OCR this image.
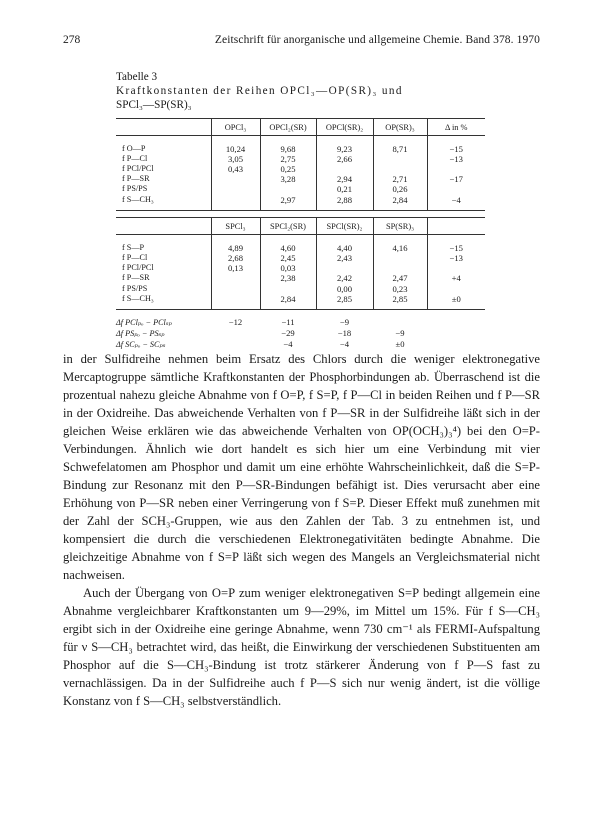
278	Zeitschrift für anorganische und allgemeine Chemie. Band 378. 1970
Tabelle 3
Kraftkonstanten der Reihen OPCl₃—OP(SR)₃ und
SPCl₃—SP(SR)₃
	OPCl₃	OPCl₂(SR)	OPCl(SR)₂	OP(SR)₃	Δ in %

f O—P	10,24	9,68	9,23	8,71	−15
f P—Cl	3,05	2,75	2,66		−13
f PCl/PCl	0,43	0,25			
f P—SR		3,28	2,94	2,71	−17
f PS/PS			0,21	0,26	
f S—CH₃		2,97	2,88	2,84	−4

	SPCl₃	SPCl₂(SR)	SPCl(SR)₂	SP(SR)₃	

f S—P	4,89	4,60	4,40	4,16	−15
f P—Cl	2,68	2,45	2,43		−13
f PCl/PCl	0,13	0,03			
f P—SR		2,38	2,42	2,47	+4
f PS/PS			0,00	0,23	
f S—CH₃		2,84	2,85	2,85	±0

Δf PClₚₒ − PClₛₚ	−12	−11	−9		
Δf PSₚₒ − PSₛₚ		−29	−18	−9	
Δf SCₚₒ − SCₚₛ		−4	−4	±0	

in der Sulfidreihe nehmen beim Ersatz des Chlors durch die weniger elektronegative Mercaptogruppe sämtliche Kraftkonstanten der Phosphorbindungen ab. Überraschend ist die prozentual nahezu gleiche Abnahme von f O=P, f S=P, f P—Cl in beiden Reihen und f P—SR in der Oxidreihe. Das abweichende Verhalten von f P—SR in der Sulfidreihe läßt sich in der gleichen Weise erklären wie das abweichende Verhalten von OP(OCH₃)₃⁴) bei den O=P-Verbindungen. Ähnlich wie dort handelt es sich hier um eine Verbindung mit vier Schwefelatomen am Phosphor und damit um eine erhöhte Wahrscheinlichkeit, daß die S=P-Bindung zur Resonanz mit den P—SR-Bindungen befähigt ist. Dies verursacht aber eine Erhöhung von P—SR neben einer Verringerung von f S=P. Dieser Effekt muß zunehmen mit der Zahl der SCH₃-Gruppen, wie aus den Zahlen der Tab. 3 zu entnehmen ist, und kompensiert die durch die verschiedenen Elektronegativitäten bedingte Abnahme. Die gleichzeitige Abnahme von f S=P läßt sich wegen des Mangels an Vergleichsmaterial nicht nachweisen.

Auch der Übergang von O=P zum weniger elektronegativen S=P bedingt allgemein eine Abnahme vergleichbarer Kraftkonstanten um 9—29%, im Mittel um 15%. Für f S—CH₃ ergibt sich in der Oxidreihe eine geringe Abnahme, wenn 730 cm⁻¹ als FERMI-Aufspaltung für ν S—CH₃ betrachtet wird, das heißt, die Einwirkung der verschiedenen Substituenten am Phosphor auf die S—CH₃-Bindung ist trotz stärkerer Änderung von f P—S fast zu vernachlässigen. Da in der Sulfidreihe auch f P—S sich nur wenig ändert, ist die völlige Konstanz von f S—CH₃ selbstverständlich.
